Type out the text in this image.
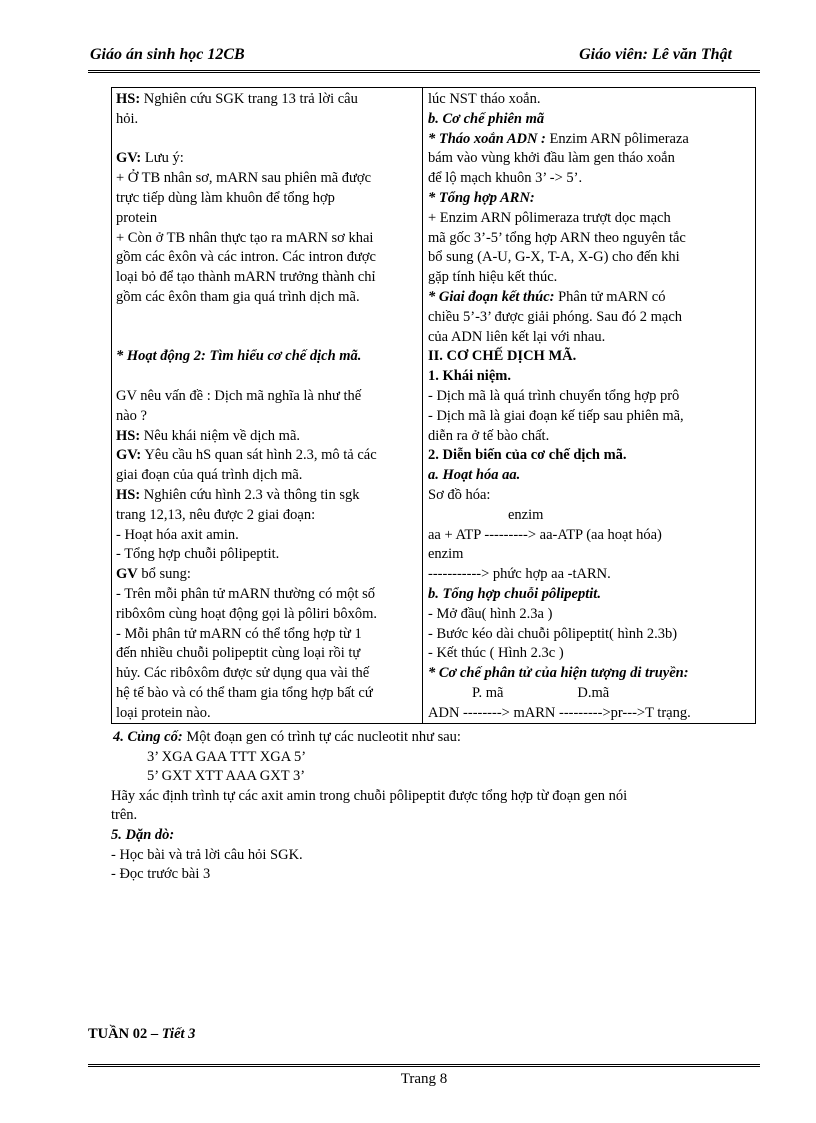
Giáo án sinh học 12CB	Giáo viên: Lê văn Thật
HS: Nghiên cứu SGK trang 13 trả lời câu
hỏi.
GV: Lưu ý:
+ Ở TB nhân sơ, mARN sau phiên mã được
trực tiếp dùng làm khuôn để tổng hợp
protein
+ Còn ở TB nhân thực tạo ra mARN sơ khai
gồm các êxôn và các intron. Các intron được
loại bỏ để tạo thành mARN trưởng thành chỉ
gồm các êxôn tham gia quá trình dịch mã.
* Hoạt động 2: Tìm hiểu cơ chế dịch mã.
GV nêu vấn đề : Dịch mã nghĩa là như thế
nào ?
HS: Nêu khái niệm về dịch mã.
GV: Yêu cầu hS quan sát hình 2.3, mô tả các
giai đoạn của quá trình dịch mã.
HS: Nghiên cứu hình 2.3 và thông tin sgk
trang 12,13, nêu được 2 giai đoạn:
- Hoạt hóa axit amin.
- Tổng hợp chuỗi pôlipeptit.
GV bổ sung:
- Trên mỗi phân tử mARN thường có một số
ribôxôm cùng hoạt động gọi là pôliri bôxôm.
- Mỗi phân tử mARN có thể tổng hợp từ 1
đến nhiều chuỗi polipeptit cùng loại rồi tự
hủy. Các ribôxôm được sử dụng qua vài thế
hệ tế bào và có thể tham gia tổng hợp bất cứ
loại protein nào.
lúc NST tháo xoắn.
b. Cơ chế phiên mã
* Tháo xoắn ADN : Enzim ARN pôlimeraza
bám vào vùng khởi đầu làm gen tháo xoắn
để lộ mạch khuôn 3’ -> 5’.
* Tổng hợp ARN:
+ Enzim ARN pôlimeraza trượt dọc mạch
mã gốc 3’-5’ tổng hợp ARN theo nguyên tắc
bổ sung (A-U, G-X, T-A, X-G) cho đến khi
gặp tính hiệu kết thúc.
* Giai đoạn kết thúc: Phân tử mARN có
chiều 5’-3’ được giải phóng. Sau đó 2 mạch
của ADN liên kết lại với nhau.
II. CƠ CHẾ DỊCH MÃ.
1. Khái niệm.
- Dịch mã là quá trình chuyển tổng hợp prô
- Dịch mã là giai đoạn kế tiếp sau phiên mã,
diễn ra ở tế bào chất.
2. Diễn biến của cơ chế dịch mã.
a. Hoạt hóa aa.
Sơ đồ hóa:
enzim
aa + ATP ---------> aa-ATP (aa hoạt hóa)
enzim
-----------> phức hợp aa -tARN.
b. Tổng hợp chuỗi pôlipeptit.
- Mở đầu( hình 2.3a )
- Bước kéo dài chuỗi pôlipeptit( hình 2.3b)
- Kết thúc ( Hình 2.3c )
* Cơ chế phân tử của hiện tượng di truyền:
P. mã	D.mã
ADN --------> mARN --------->pr--->T trạng.
4. Củng cố: Một đoạn gen có trình tự các nucleotit như sau:
3’ XGA GAA TTT XGA 5’
5’ GXT XTT AAA GXT 3’
Hãy xác định trình tự các axit amin trong chuỗi pôlipeptit được tổng hợp từ đoạn gen nói
trên.
5. Dặn dò:
- Học bài và trả lời câu hỏi SGK.
- Đọc trước bài 3
TUẦN 02 – Tiết 3
Trang 8
